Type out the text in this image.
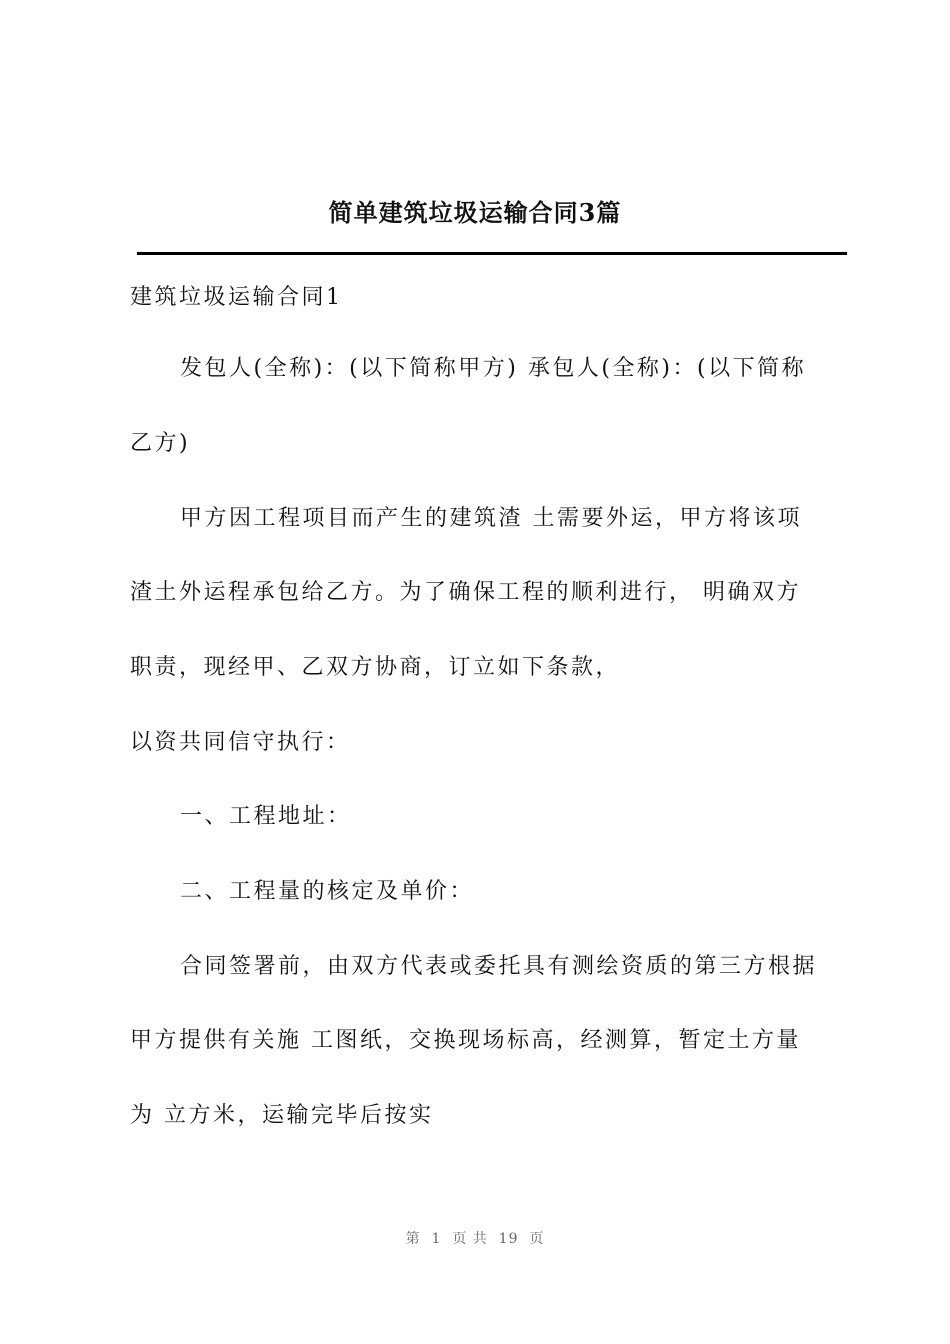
简单建筑垃圾运输合同3篇
建筑垃圾运输合同1
发包人(全称)：(以下简称甲方) 承包人(全称)：(以下简称
乙方)
甲方因工程项目而产生的建筑渣 土需要外运，甲方将该项
渣土外运程承包给乙方。为了确保工程的顺利进行， 明确双方
职责，现经甲、乙双方协商，订立如下条款，
以资共同信守执行：
一、工程地址：
二、工程量的核定及单价：
合同签署前，由双方代表或委托具有测绘资质的第三方根据
甲方提供有关施 工图纸，交换现场标高，经测算，暂定土方量
为 立方米，运输完毕后按实
第  1  页 共  19  页
